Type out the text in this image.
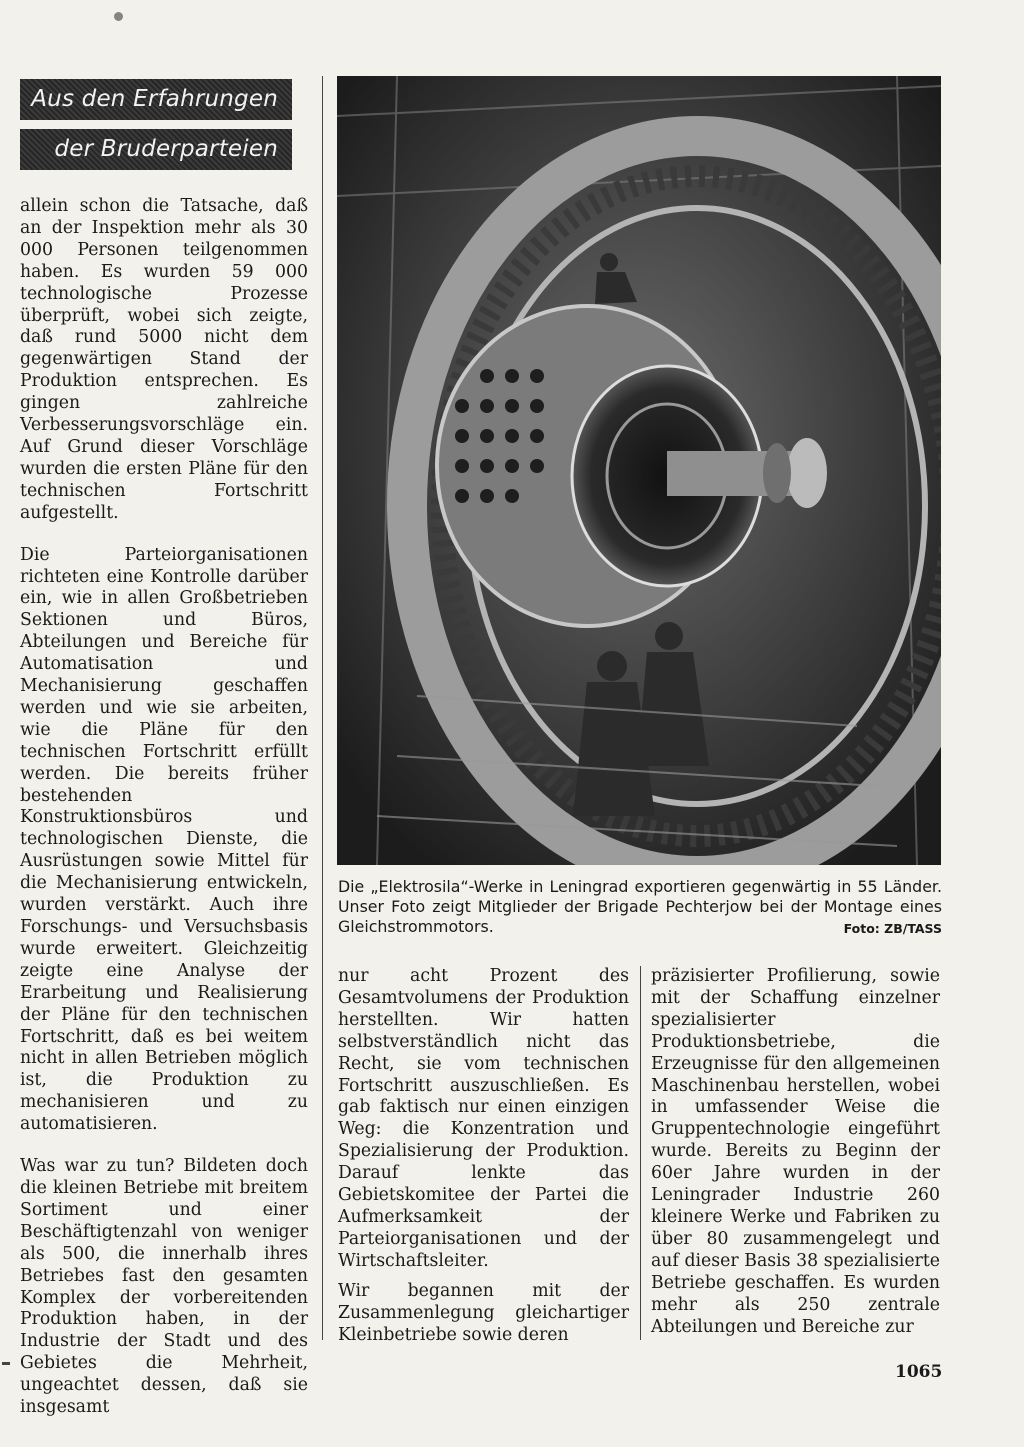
Aus den Erfahrungen
der Bruderparteien

allein schon die Tatsache, daß an der Inspektion mehr als 30 000 Personen teilgenommen haben. Es wurden 59 000 technologische Prozesse überprüft, wobei sich zeigte, daß rund 5000 nicht dem gegenwärtigen Stand der Produktion entsprechen. Es gingen zahlreiche Verbesserungsvorschläge ein. Auf Grund dieser Vorschläge wurden die ersten Pläne für den technischen Fortschritt aufgestellt.

Die Parteiorganisationen richteten eine Kontrolle darüber ein, wie in allen Großbetrieben Sektionen und Büros, Abteilungen und Bereiche für Automatisation und Mechanisierung geschaffen werden und wie sie arbeiten, wie die Pläne für den technischen Fortschritt erfüllt werden. Die bereits früher bestehenden Konstruktionsbüros und technologischen Dienste, die Ausrüstungen sowie Mittel für die Mechanisierung entwickeln, wurden verstärkt. Auch ihre Forschungs- und Versuchsbasis wurde erweitert. Gleichzeitig zeigte eine Analyse der Erarbeitung und Realisierung der Pläne für den technischen Fortschritt, daß es bei weitem nicht in allen Betrieben möglich ist, die Produktion zu mechanisieren und zu automatisieren.

Was war zu tun? Bildeten doch die kleinen Betriebe mit breitem Sortiment und einer Beschäftigtenzahl von weniger als 500, die innerhalb ihres Betriebes fast den gesamten Komplex der vorbereitenden Produktion haben, in der Industrie der Stadt und des Gebietes die Mehrheit, ungeachtet dessen, daß sie insgesamt

Die „Elektrosila“-Werke in Leningrad exportieren gegenwärtig in 55 Länder. Unser Foto zeigt Mitglieder der Brigade Pechterjow bei der Montage eines Gleichstrommotors.	Foto: ZB/TASS

nur acht Prozent des Gesamtvolumens der Produktion herstellten. Wir hatten selbstverständlich nicht das Recht, sie vom technischen Fortschritt auszuschließen. Es gab faktisch nur einen einzigen Weg: die Konzentration und Spezialisierung der Produktion. Darauf lenkte das Gebietskomitee der Partei die Aufmerksamkeit der Parteiorganisationen und der Wirtschaftsleiter.

Wir begannen mit der Zusammenlegung gleichartiger Kleinbetriebe sowie deren

präzisierter Profilierung, sowie mit der Schaffung einzelner spezialisierter Produktionsbetriebe, die Erzeugnisse für den allgemeinen Maschinenbau herstellen, wobei in umfassender Weise die Gruppentechnologie eingeführt wurde. Bereits zu Beginn der 60er Jahre wurden in der Leningrader Industrie 260 kleinere Werke und Fabriken zu über 80 zusammengelegt und auf dieser Basis 38 spezialisierte Betriebe geschaffen. Es wurden mehr als 250 zentrale Abteilungen und Bereiche zur

1065
